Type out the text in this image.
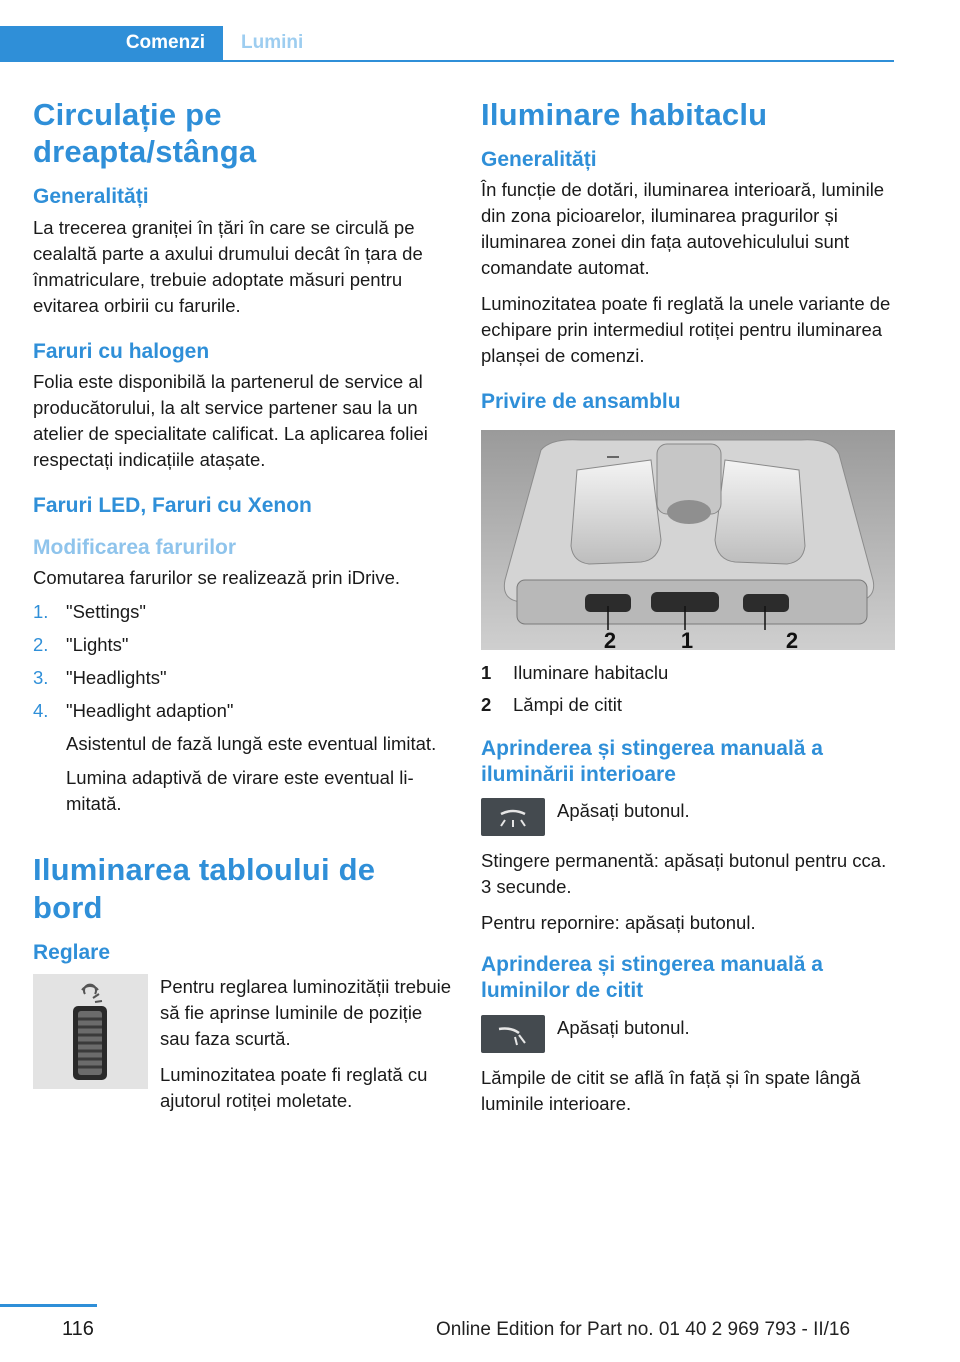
Comenzi	Lumini
Circulație pe dreapta/stânga
Generalități

La trecerea graniței în țări în care se circulă pe cealaltă parte a axului drumului decât în țara de înmatriculare, trebuie adoptate măsuri pentru evitarea orbirii cu farurile.

Faruri cu halogen

Folia este disponibilă la partenerul de service al producătorului, la alt service partener sau la un atelier de specialitate calificat. La aplicarea foliei respectați indicațiile atașate.

Faruri LED, Faruri cu Xenon
Modificarea farurilor

Comutarea farurilor se realizează prin iDrive.

1. "Settings"
2. "Lights"
3. "Headlights"
4. "Headlight adaption"
Asistentul de fază lungă este eventual limitat.
Lumina adaptivă de virare este eventual limitată.
Iluminarea tabloului de bord
Reglare

Pentru reglarea luminozității trebuie să fie aprinse luminile de poziție sau faza scurtă.

Luminozitatea poate fi reglată cu ajutorul rotiței moletate.

Iluminare habitaclu
Generalități

În funcție de dotări, iluminarea interioară, luminile din zona picioarelor, iluminarea pragurilor și iluminarea zonei din fața autovehiculului sunt comandate automat.

Luminozitatea poate fi reglată la unele variante de echipare prin intermediul rotiței pentru iluminarea planșei de comenzi.

Privire de ansamblu
2	1	2
1	Iluminare habitaclu
2	Lămpi de citit
Aprinderea și stingerea manuală a iluminării interioare

Apăsați butonul.

Stingere permanentă: apăsați butonul pentru cca. 3 secunde.

Pentru repornire: apăsați butonul.

Aprinderea și stingerea manuală a luminilor de citit

Apăsați butonul.

Lămpile de citit se află în față și în spate lângă luminile interioare.

116	Online Edition for Part no. 01 40 2 969 793 - II/16
